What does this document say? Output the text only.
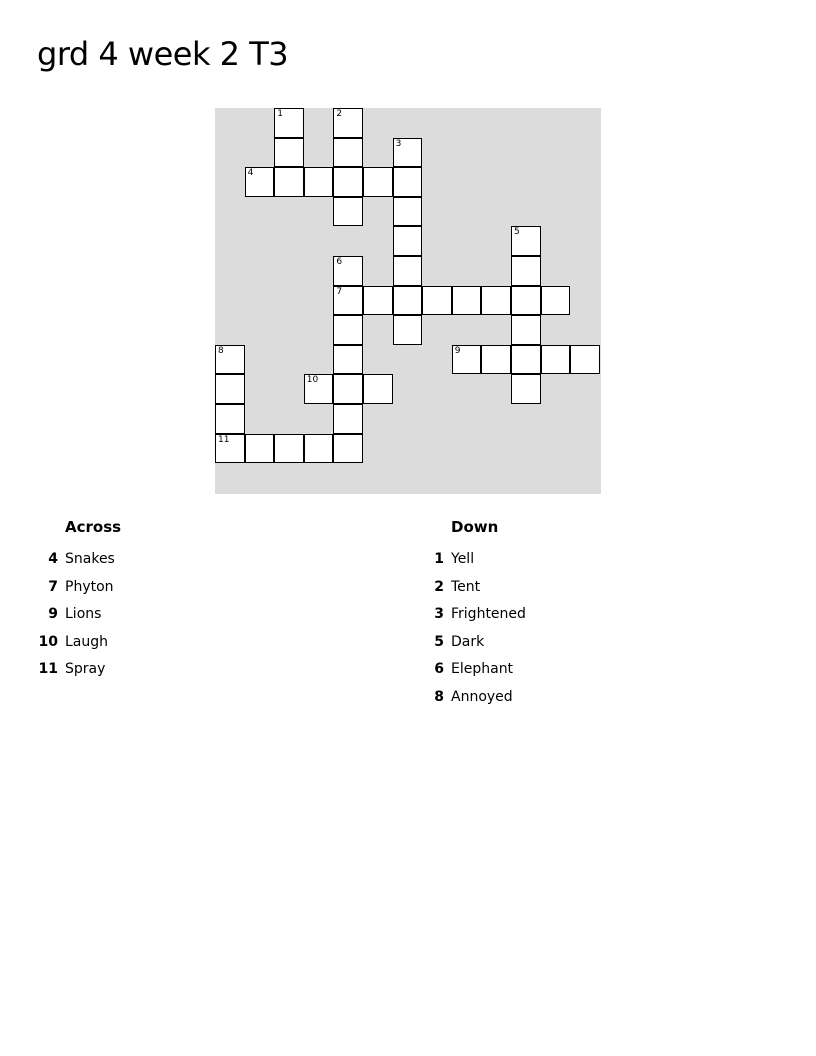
grd 4 week 2 T3
1	2
3
4
5
6
7
8	9
10
11
Across
4 Snakes
7 Phyton
9 Lions
10 Laugh
11 Spray
Down
1 Yell
2 Tent
3 Frightened
5 Dark
6 Elephant
8 Annoyed
